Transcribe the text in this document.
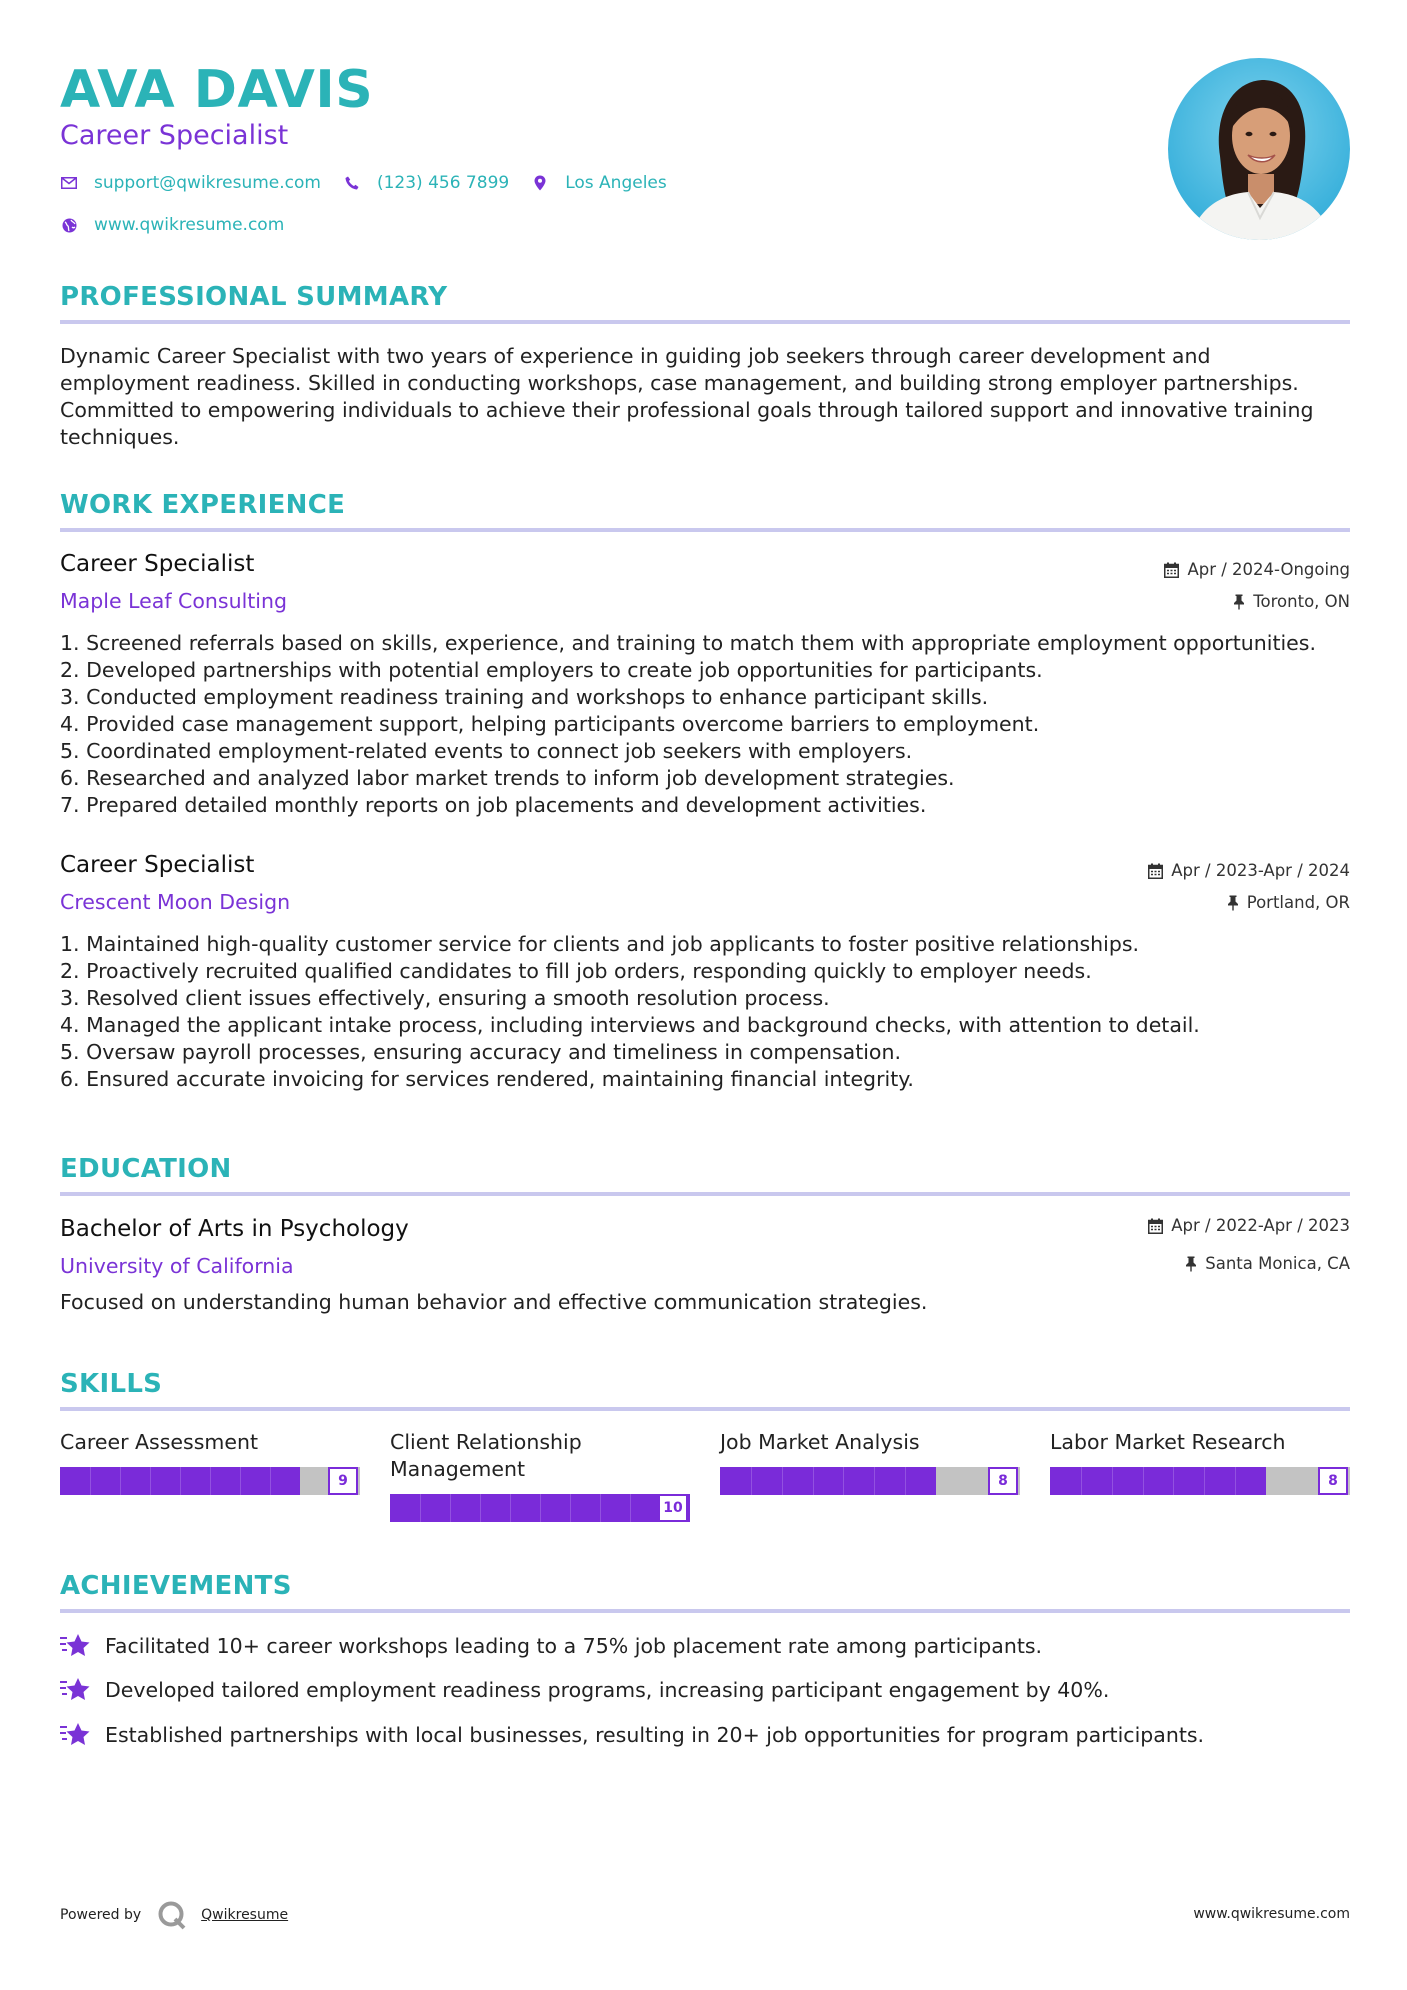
AVA DAVIS
Career Specialist
support@qwikresume.com	(123) 456 7899	Los Angeles
www.qwikresume.com
PROFESSIONAL SUMMARY
Dynamic Career Specialist with two years of experience in guiding job seekers through career development and
employment readiness. Skilled in conducting workshops, case management, and building strong employer partnerships.
Committed to empowering individuals to achieve their professional goals through tailored support and innovative training
techniques.
WORK EXPERIENCE
Career Specialist	Apr / 2024-Ongoing
Maple Leaf Consulting	Toronto, ON
1. Screened referrals based on skills, experience, and training to match them with appropriate employment opportunities.
2. Developed partnerships with potential employers to create job opportunities for participants.
3. Conducted employment readiness training and workshops to enhance participant skills.
4. Provided case management support, helping participants overcome barriers to employment.
5. Coordinated employment-related events to connect job seekers with employers.
6. Researched and analyzed labor market trends to inform job development strategies.
7. Prepared detailed monthly reports on job placements and development activities.
Career Specialist	Apr / 2023-Apr / 2024
Crescent Moon Design	Portland, OR
1. Maintained high-quality customer service for clients and job applicants to foster positive relationships.
2. Proactively recruited qualified candidates to fill job orders, responding quickly to employer needs.
3. Resolved client issues effectively, ensuring a smooth resolution process.
4. Managed the applicant intake process, including interviews and background checks, with attention to detail.
5. Oversaw payroll processes, ensuring accuracy and timeliness in compensation.
6. Ensured accurate invoicing for services rendered, maintaining financial integrity.
EDUCATION
Bachelor of Arts in Psychology	Apr / 2022-Apr / 2023
University of California	Santa Monica, CA
Focused on understanding human behavior and effective communication strategies.
SKILLS
Career Assessment
9
Client Relationship
Management
10
Job Market Analysis
8
Labor Market Research
8
ACHIEVEMENTS
Facilitated 10+ career workshops leading to a 75% job placement rate among participants.
Developed tailored employment readiness programs, increasing participant engagement by 40%.
Established partnerships with local businesses, resulting in 20+ job opportunities for program participants.
Powered by	Qwikresume	www.qwikresume.com
